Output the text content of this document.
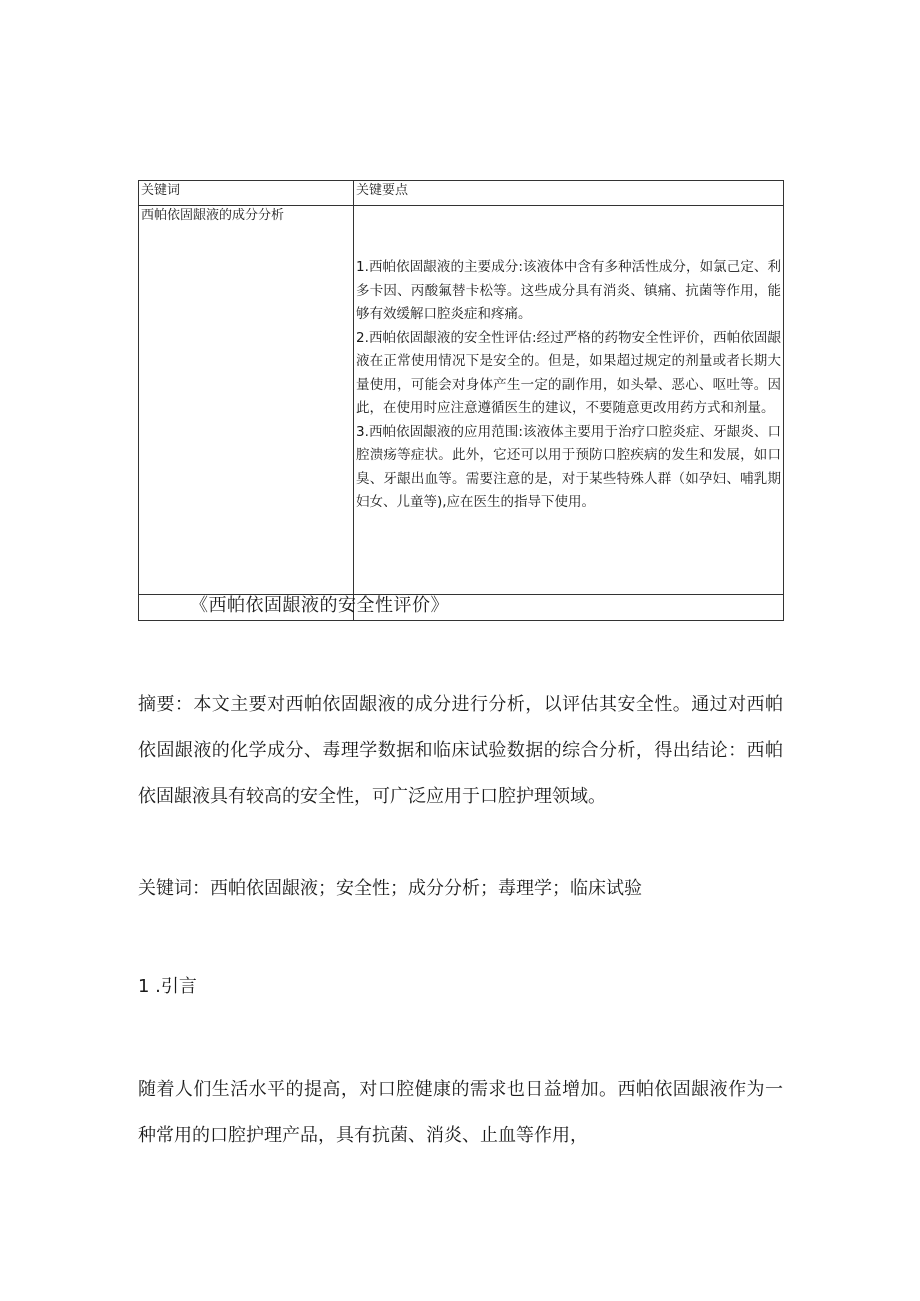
关键词	关键要点
西帕依固龈液的成分分析	1.西帕依固龈液的主要成分:该液体中含有多种活性成分，如氯己定、利多卡因、丙酸氟替卡松等。这些成分具有消炎、镇痛、抗菌等作用，能够有效缓解口腔炎症和疼痛。
2.西帕依固龈液的安全性评估:经过严格的药物安全性评价，西帕依固龈液在正常使用情况下是安全的。但是，如果超过规定的剂量或者长期大量使用，可能会对身体产生一定的副作用，如头晕、恶心、呕吐等。因此，在使用时应注意遵循医生的建议，不要随意更改用药方式和剂量。
3.西帕依固龈液的应用范围:该液体主要用于治疗口腔炎症、牙龈炎、口腔溃疡等症状。此外，它还可以用于预防口腔疾病的发生和发展，如口臭、牙龈出血等。需要注意的是，对于某些特殊人群（如孕妇、哺乳期妇女、儿童等),应在医生的指导下使用。

《西帕依固龈液的安全性评价》
摘要：本文主要对西帕依固龈液的成分进行分析，以评估其安全性。通过对西帕依固龈液的化学成分、毒理学数据和临床试验数据的综合分析，得出结论：西帕依固龈液具有较高的安全性，可广泛应用于口腔护理领域。
关键词：西帕依固龈液；安全性；成分分析；毒理学；临床试验
1 .引言
随着人们生活水平的提高，对口腔健康的需求也日益增加。西帕依固龈液作为一种常用的口腔护理产品，具有抗菌、消炎、止血等作用，
